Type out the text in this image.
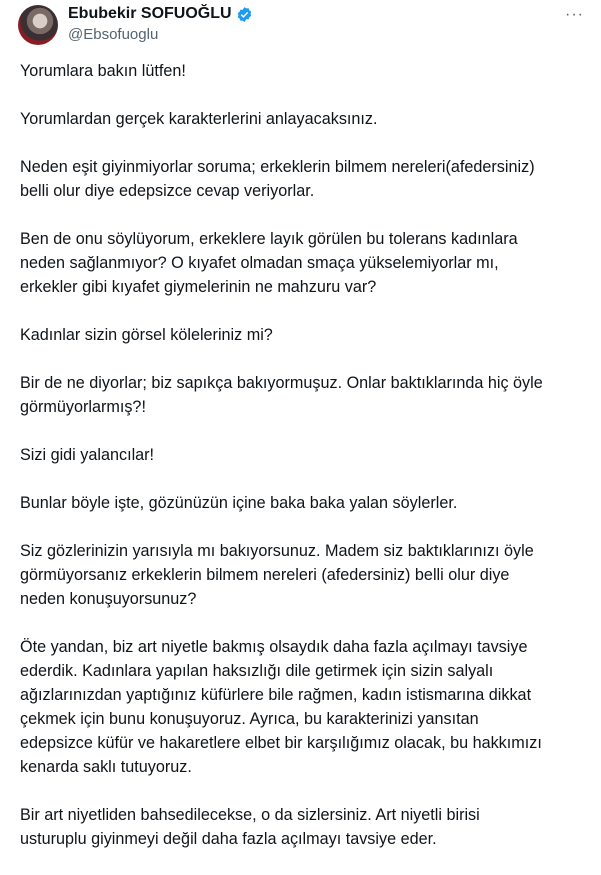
Ebubekir SOFUOĞLU
@Ebsofuoglu
···
Yorumlara bakın lütfen!
Yorumlardan gerçek karakterlerini anlayacaksınız.
Neden eşit giyinmiyorlar soruma; erkeklerin bilmem nereleri(afedersiniz)
belli olur diye edepsizce cevap veriyorlar.
Ben de onu söylüyorum, erkeklere layık görülen bu tolerans kadınlara
neden sağlanmıyor? O kıyafet olmadan smaça yükselemiyorlar mı,
erkekler gibi kıyafet giymelerinin ne mahzuru var?
Kadınlar sizin görsel köleleriniz mi?
Bir de ne diyorlar; biz sapıkça bakıyormuşuz. Onlar baktıklarında hiç öyle
görmüyorlarmış?!
Sizi gidi yalancılar!
Bunlar böyle işte, gözünüzün içine baka baka yalan söylerler.
Siz gözlerinizin yarısıyla mı bakıyorsunuz. Madem siz baktıklarınızı öyle
görmüyorsanız erkeklerin bilmem nereleri (afedersiniz) belli olur diye
neden konuşuyorsunuz?
Öte yandan, biz art niyetle bakmış olsaydık daha fazla açılmayı tavsiye
ederdik. Kadınlara yapılan haksızlığı dile getirmek için sizin salyalı
ağızlarınızdan yaptığınız küfürlere bile rağmen, kadın istismarına dikkat
çekmek için bunu konuşuyoruz. Ayrıca, bu karakterinizi yansıtan
edepsizce küfür ve hakaretlere elbet bir karşılığımız olacak, bu hakkımızı
kenarda saklı tutuyoruz.
Bir art niyetliden bahsedilecekse, o da sizlersiniz. Art niyetli birisi
usturuplu giyinmeyi değil daha fazla açılmayı tavsiye eder.
